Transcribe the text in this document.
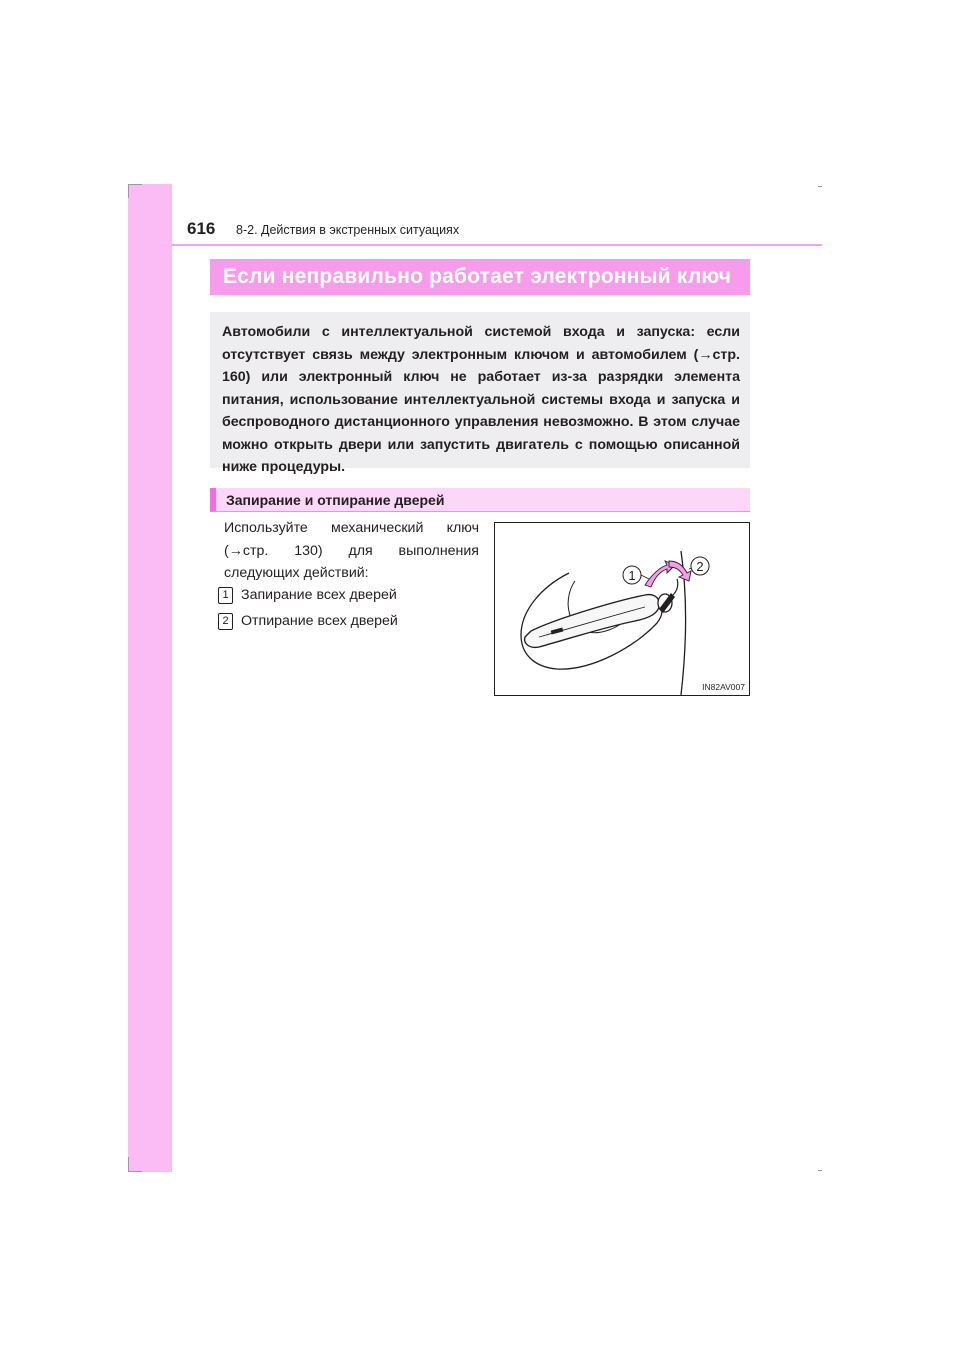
616 8-2. Действия в экстренных ситуациях
Если неправильно работает электронный ключ
Автомобили с интеллектуальной системой входа и запуска: если отсутствует связь между электронным ключом и автомобилем (→стр. 160) или электронный ключ не работает из-за разрядки элемента питания, использование интеллектуальной системы входа и запуска и беспроводного дистанционного управления невозможно. В этом случае можно открыть двери или запустить двигатель с помощью описанной ниже процедуры.
Запирание и отпирание дверей
Используйте механический ключ (→стр. 130) для выполнения следующих действий:
1 Запирание всех дверей
2 Отпирание всех дверей
1
2
IN82AV007
